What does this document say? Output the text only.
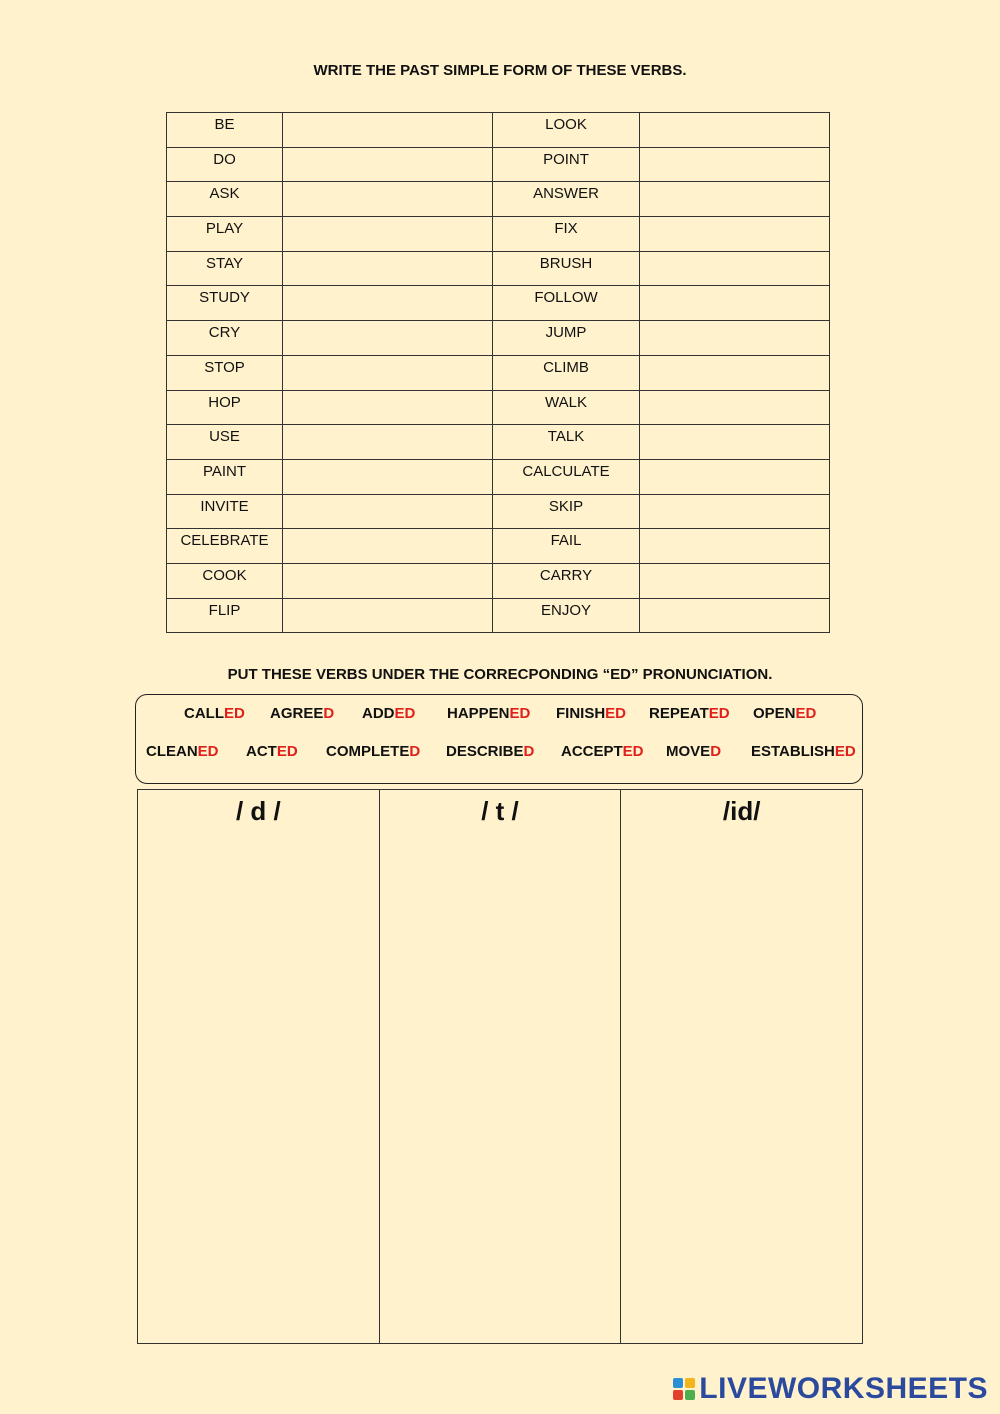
WRITE THE PAST SIMPLE FORM OF THESE VERBS.
BE		LOOK	
DO		POINT	
ASK		ANSWER	
PLAY		FIX	
STAY		BRUSH	
STUDY		FOLLOW	
CRY		JUMP	
STOP		CLIMB	
HOP		WALK	
USE		TALK	
PAINT		CALCULATE	
INVITE		SKIP	
CELEBRATE		FAIL	
COOK		CARRY	
FLIP		ENJOY	
PUT THESE VERBS UNDER THE CORRECPONDING “ED” PRONUNCIATION.
CALLED AGREED ADDED HAPPENED FINISHED REPEATED OPENED
CLEANED ACTED COMPLETED DESCRIBED ACCEPTED MOVED ESTABLISHED
/ d /	/ t /	/id/
LIVEWORKSHEETS
